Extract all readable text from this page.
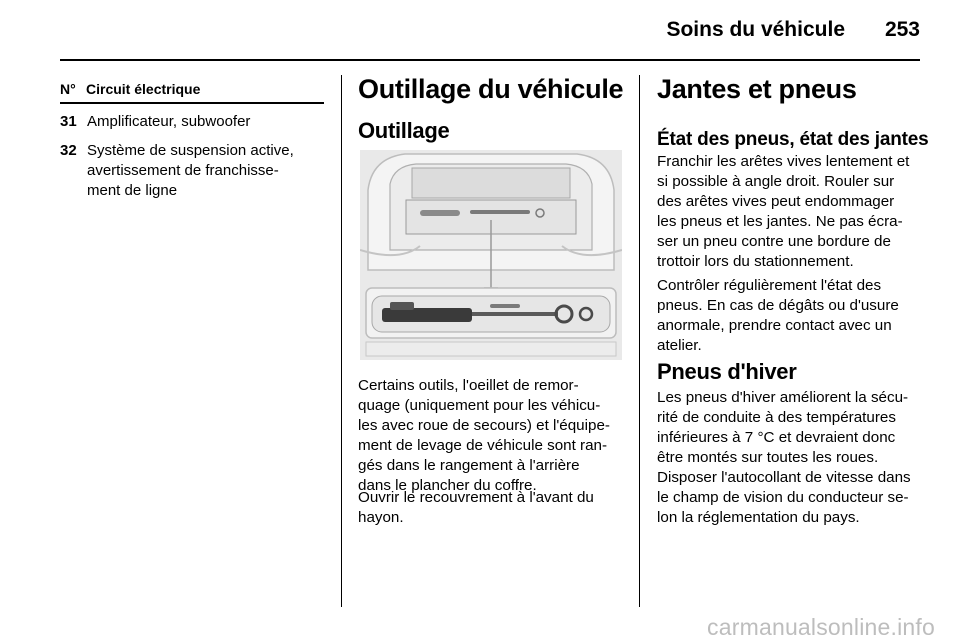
Soins du véhicule	253
N° Circuit électrique
31 Amplificateur, subwoofer
32 Système de suspension active,
avertissement de franchisse-
ment de ligne
Outillage du véhicule
Outillage
Certains outils, l'oeillet de remor-
quage (uniquement pour les véhicu-
les avec roue de secours) et l'équipe-
ment de levage de véhicule sont ran-
gés dans le rangement à l'arrière
dans le plancher du coffre.
Ouvrir le recouvrement à l'avant du
hayon.
Jantes et pneus
État des pneus, état des jantes
Franchir les arêtes vives lentement et
si possible à angle droit. Rouler sur
des arêtes vives peut endommager
les pneus et les jantes. Ne pas écra-
ser un pneu contre une bordure de
trottoir lors du stationnement.
Contrôler régulièrement l'état des
pneus. En cas de dégâts ou d'usure
anormale, prendre contact avec un
atelier.
Pneus d'hiver
Les pneus d'hiver améliorent la sécu-
rité de conduite à des températures
inférieures à 7 °C et devraient donc
être montés sur toutes les roues.
Disposer l'autocollant de vitesse dans
le champ de vision du conducteur se-
lon la réglementation du pays.
carmanualsonline.info
